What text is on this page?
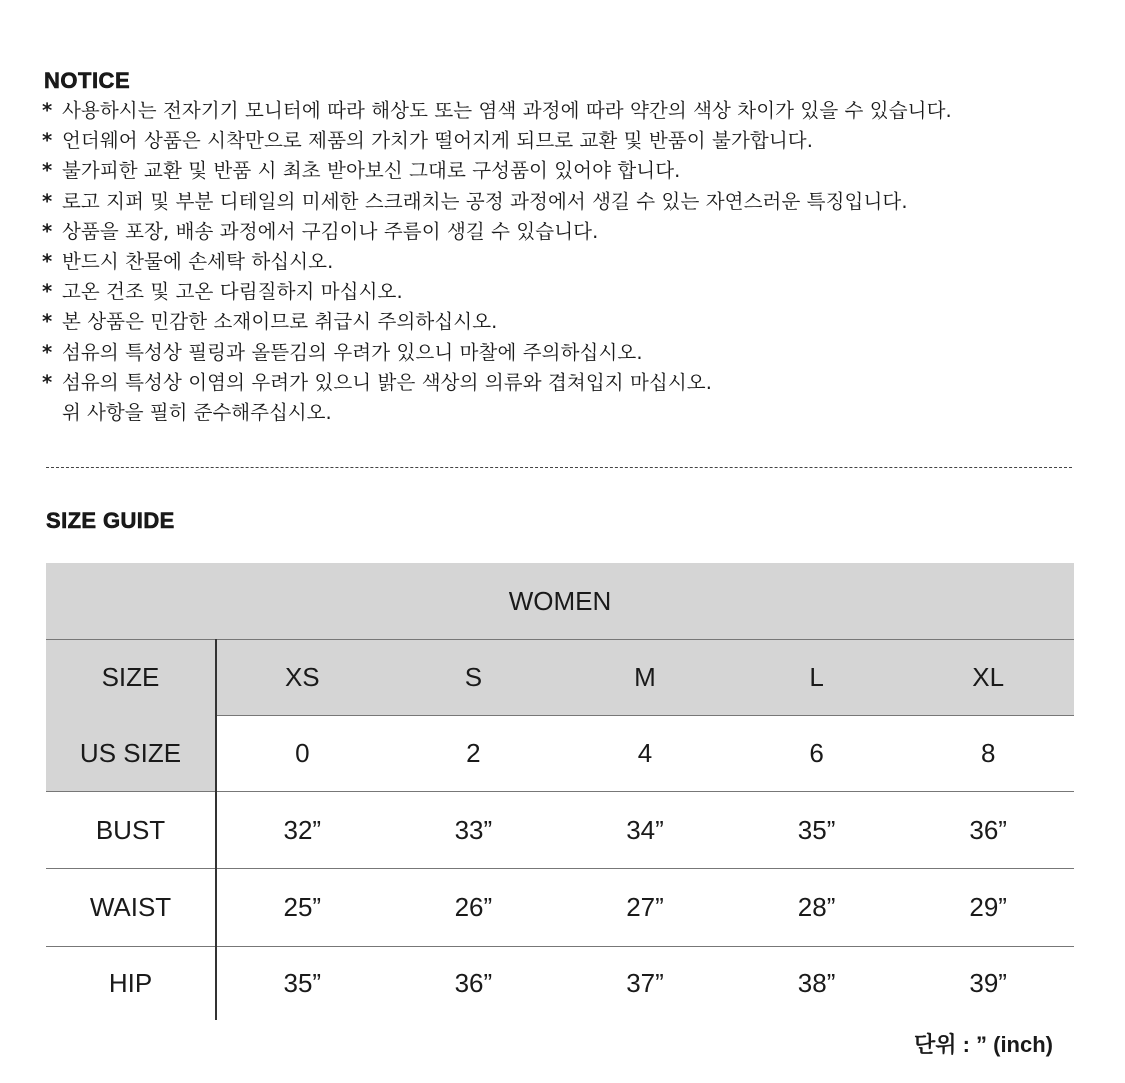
NOTICE
* 사용하시는 전자기기 모니터에 따라 해상도 또는 염색 과정에 따라 약간의 색상 차이가 있을 수 있습니다.
* 언더웨어 상품은 시착만으로 제품의 가치가 떨어지게 되므로 교환 및 반품이 불가합니다.
* 불가피한 교환 및 반품 시 최초 받아보신 그대로 구성품이 있어야 합니다.
* 로고 지퍼 및 부분 디테일의 미세한 스크래치는 공정 과정에서 생길 수 있는 자연스러운 특징입니다.
* 상품을 포장, 배송 과정에서 구김이나 주름이 생길 수 있습니다.
* 반드시 찬물에 손세탁 하십시오.
* 고온 건조 및 고온 다림질하지 마십시오.
* 본 상품은 민감한 소재이므로 취급시 주의하십시오.
* 섬유의 특성상 필링과 올뜯김의 우려가 있으니 마찰에 주의하십시오.
* 섬유의 특성상 이염의 우려가 있으니 밝은 색상의 의류와 겹쳐입지 마십시오.
위 사항을 필히 준수해주십시오.
SIZE GUIDE
WOMEN					
SIZE	XS	S	M	L	XL
US SIZE	0	2	4	6	8
BUST	32”	33”	34”	35”	36”
WAIST	25”	26”	27”	28”	29”
HIP	35”	36”	37”	38”	39”
단위 : ” (inch)
